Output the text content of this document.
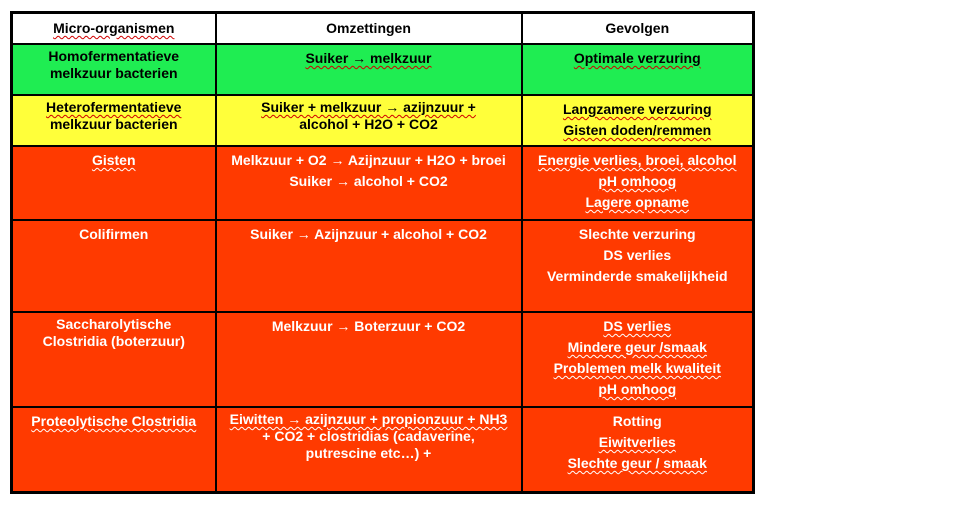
Micro-organismen	Omzettingen	Gevolgen

Homofermentatieve
melkzuur bacterien	Suiker → melkzuur	Optimale verzuring

Heterofermentatieve
melkzuur bacterien	Suiker + melkzuur → azijnzuur +
alcohol + H2O + CO2	Langzamere verzuring
Gisten doden/remmen

Gisten	Melkzuur + O2 → Azijnzuur + H2O + broei
Suiker → alcohol + CO2	Energie verlies, broei, alcohol
pH omhoog
Lagere opname

Colifirmen	Suiker → Azijnzuur + alcohol + CO2	Slechte verzuring
DS verlies
Verminderde smakelijkheid

Saccharolytische
Clostridia (boterzuur)	Melkzuur → Boterzuur + CO2	DS verlies
Mindere geur /smaak
Problemen melk kwaliteit
pH omhoog

Proteolytische Clostridia	Eiwitten → azijnzuur + propionzuur + NH3
+ CO2 + clostridias (cadaverine,
putrescine etc…) +	Rotting
Eiwitverlies
Slechte geur / smaak
